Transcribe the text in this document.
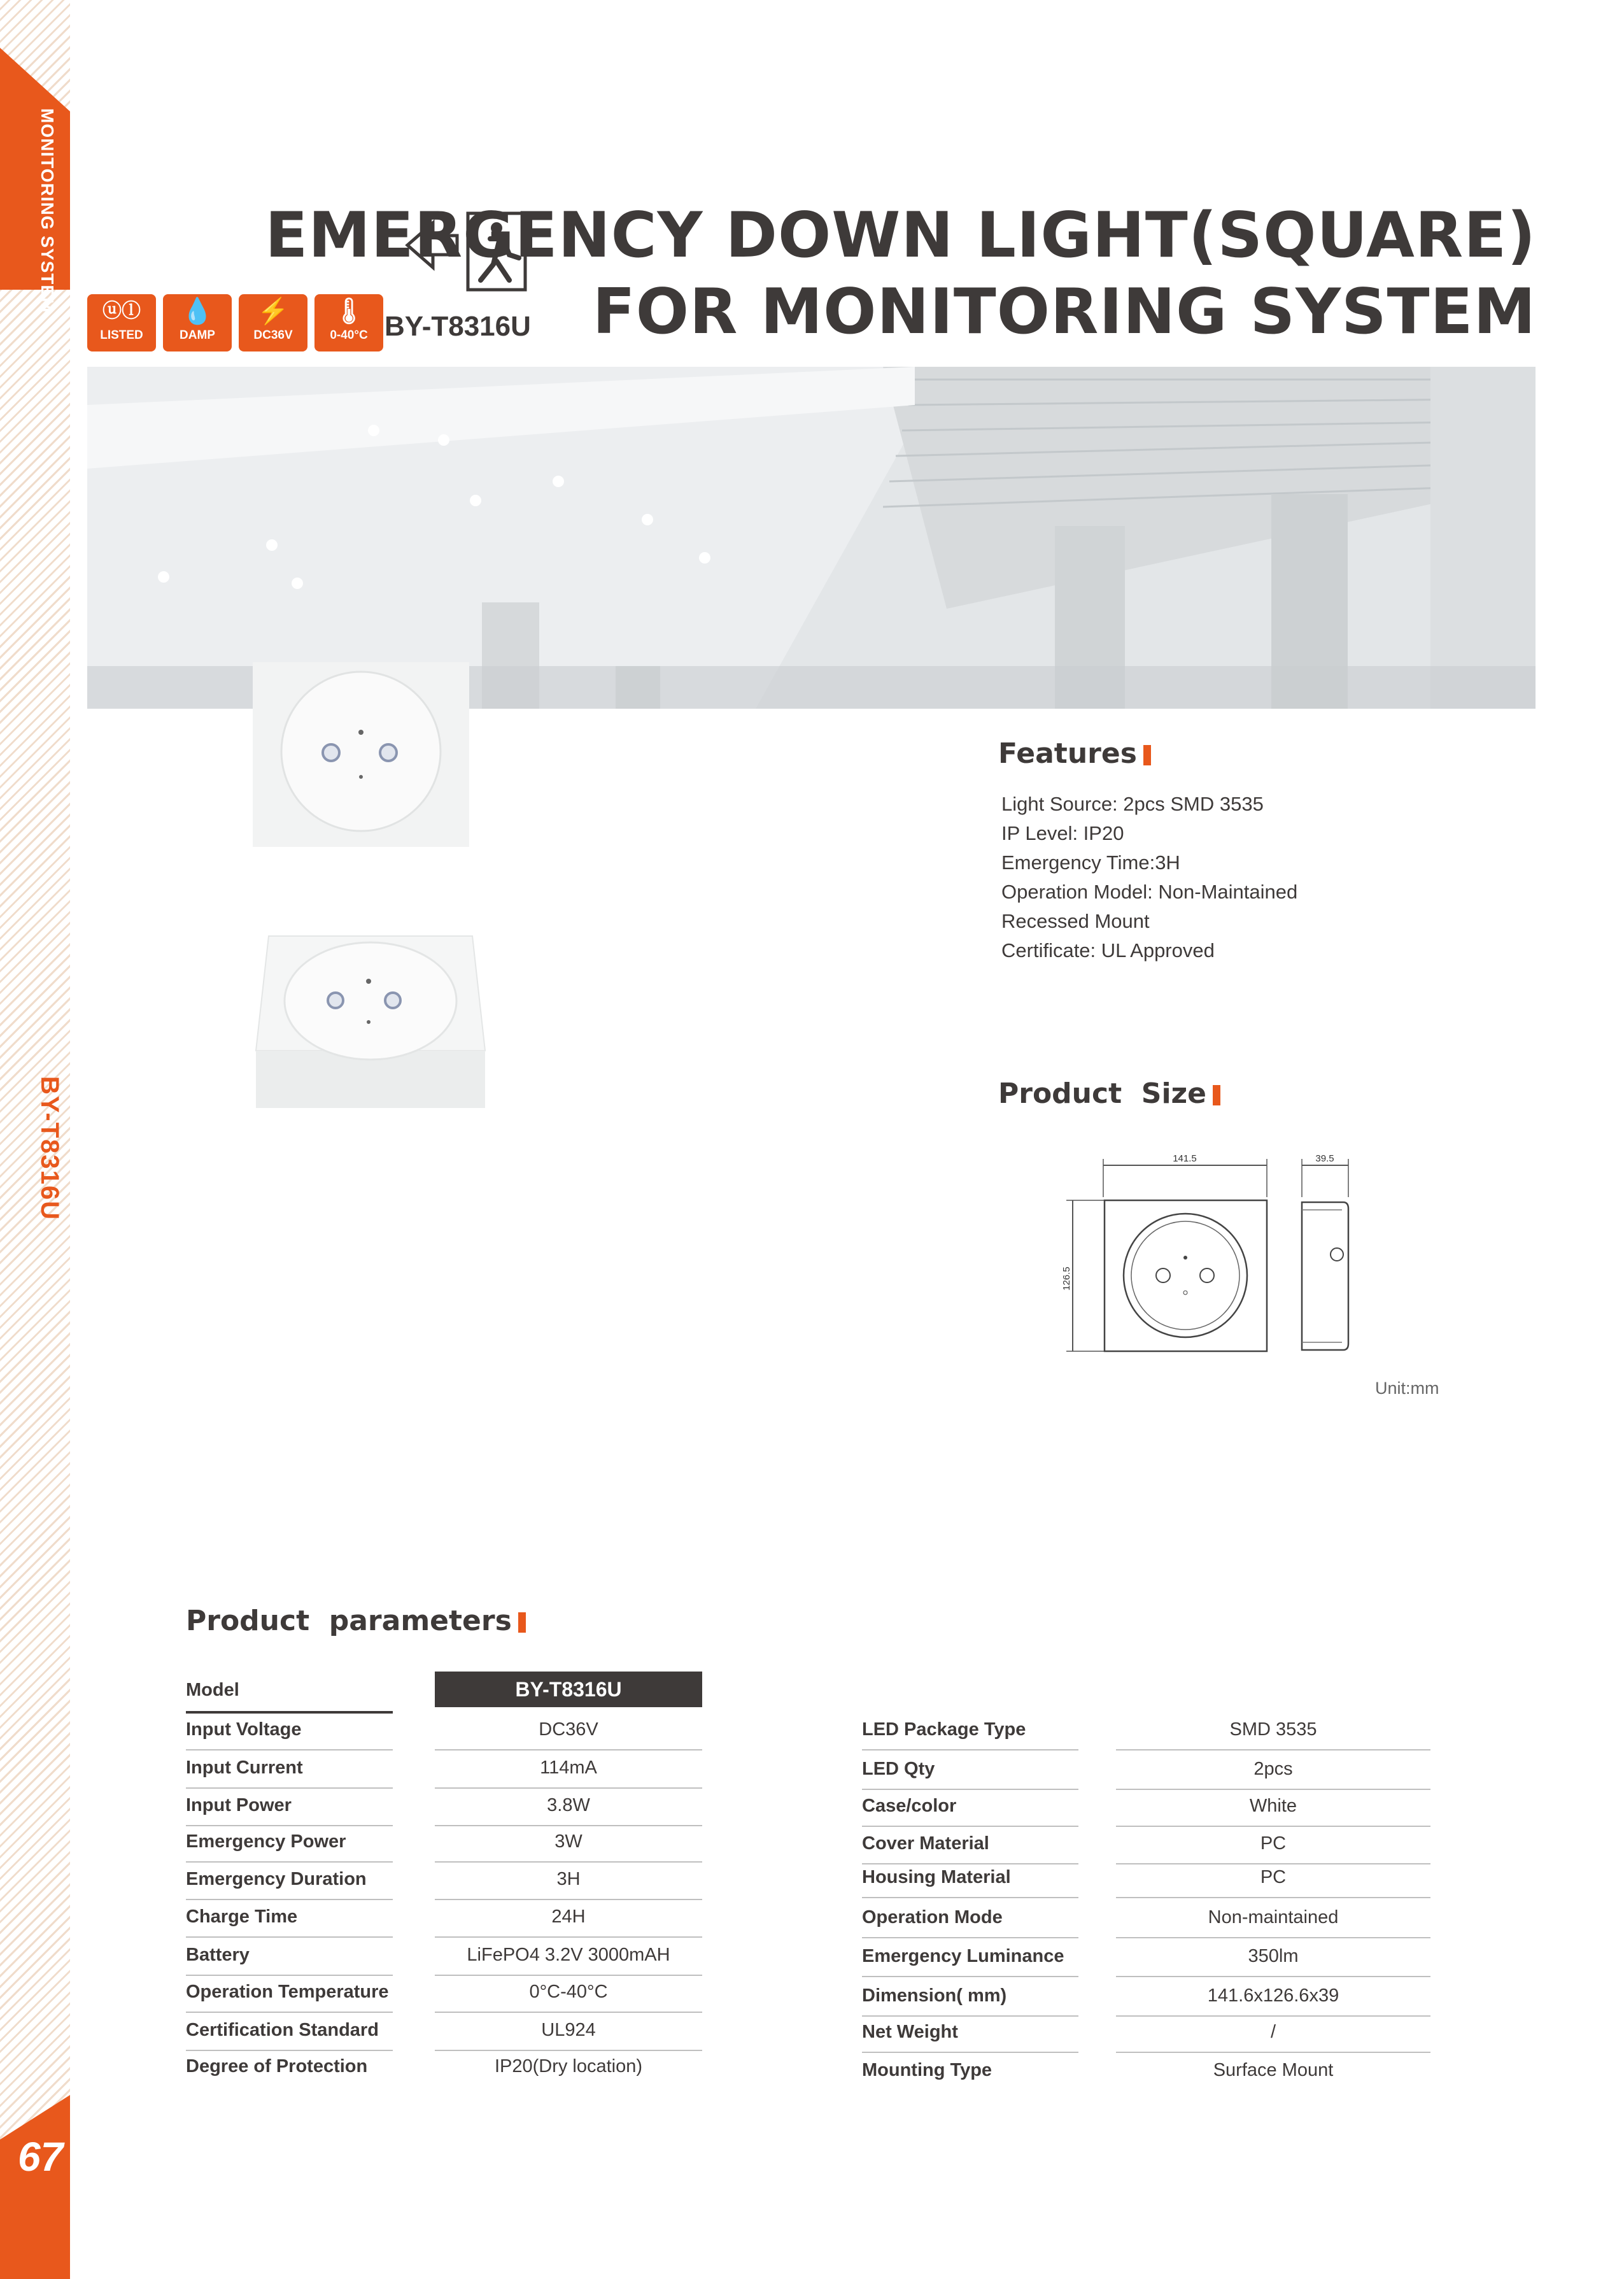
MONITORING SYSTEM
BY-T8316U
67
EMERGENCY DOWN LIGHT(SQUARE)
FOR MONITORING SYSTEM
ⓤⓛ
LISTED
💧
DAMP
⚡
DC36V
🌡
0-40°C BY-T8316U
Features
Light Source: 2pcs SMD 3535
IP Level: IP20
Emergency Time:3H
Operation Model: Non-Maintained
Recessed Mount
Certificate: UL Approved
Product  Size
141.5
126.5
39.5
Unit:mm
Product  parameters
Model	BY-T8316U
Input Voltage	DC36V
Input Current	114mA
Input Power	3.8W
Emergency Power	3W
Emergency Duration	3H
Charge Time	24H
Battery	LiFePO4 3.2V 3000mAH
Operation Temperature	0°C-40°C
Certification Standard	UL924
Degree of Protection	IP20(Dry location)
LED Package Type	SMD 3535
LED Qty	2pcs
Case/color	White
Cover Material	PC
Housing Material	PC
Operation Mode	Non-maintained
Emergency Luminance	350lm
Dimension( mm)	141.6x126.6x39
Net Weight	/
Mounting Type	Surface Mount
